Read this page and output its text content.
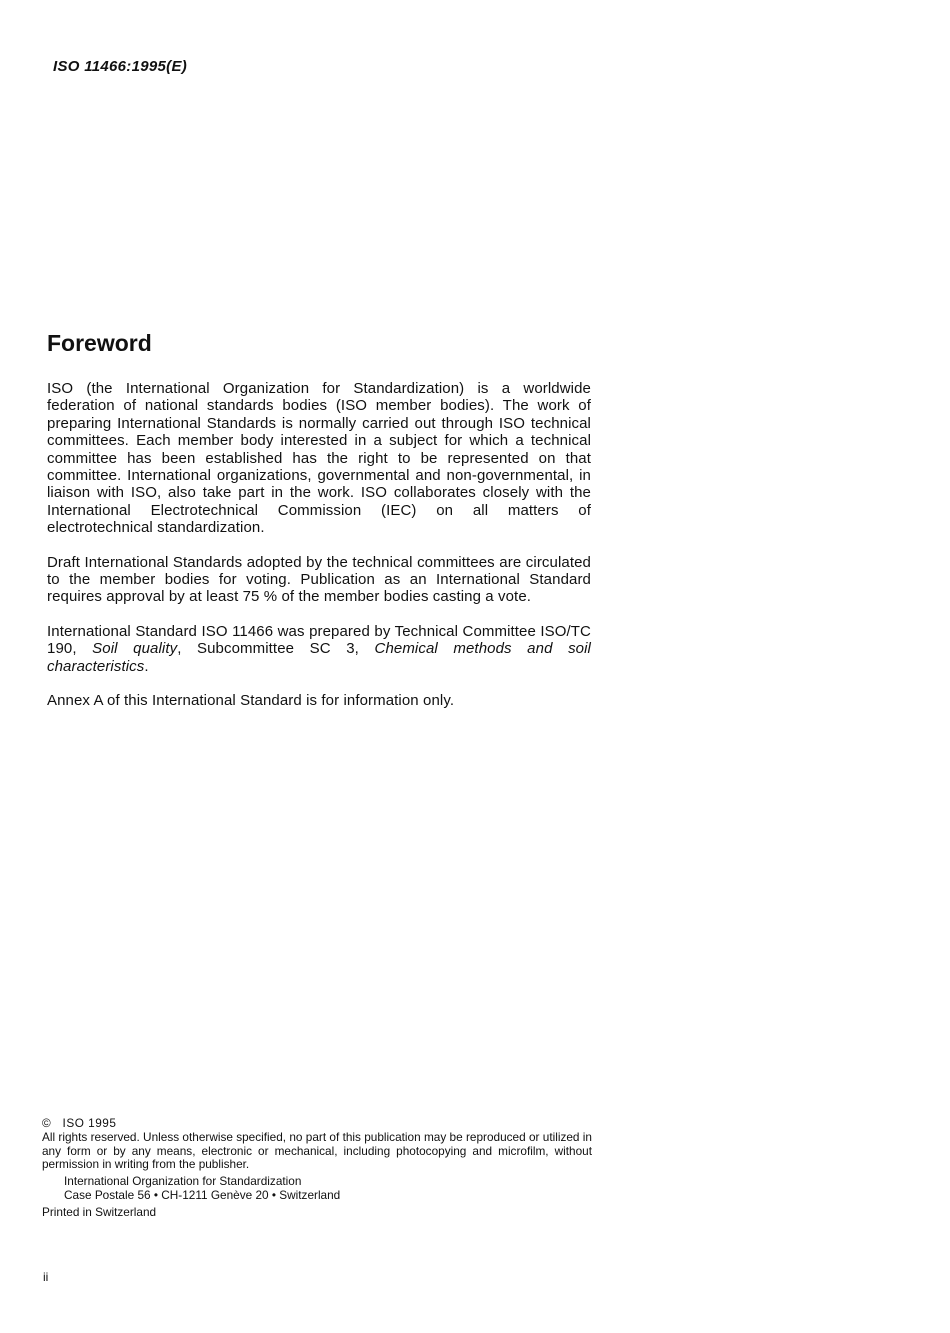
ISO 11466:1995(E)
Foreword

ISO (the International Organization for Standardization) is a worldwide federation of national standards bodies (ISO member bodies). The work of preparing International Standards is normally carried out through ISO technical committees. Each member body interested in a subject for which a technical committee has been established has the right to be represented on that committee. International organizations, governmental and non-governmental, in liaison with ISO, also take part in the work. ISO collaborates closely with the International Electrotechnical Commission (IEC) on all matters of electrotechnical standardization.

Draft International Standards adopted by the technical committees are circulated to the member bodies for voting. Publication as an International Standard requires approval by at least 75 % of the member bodies casting a vote.

International Standard ISO 11466 was prepared by Technical Committee ISO/TC 190, Soil quality, Subcommittee SC 3, Chemical methods and soil characteristics.

Annex A of this International Standard is for information only.

© ISO 1995
All rights reserved. Unless otherwise specified, no part of this publication may be reproduced or utilized in any form or by any means, electronic or mechanical, including photocopying and microfilm, without permission in writing from the publisher.
International Organization for Standardization
Case Postale 56 • CH-1211 Genève 20 • Switzerland
Printed in Switzerland
ii
